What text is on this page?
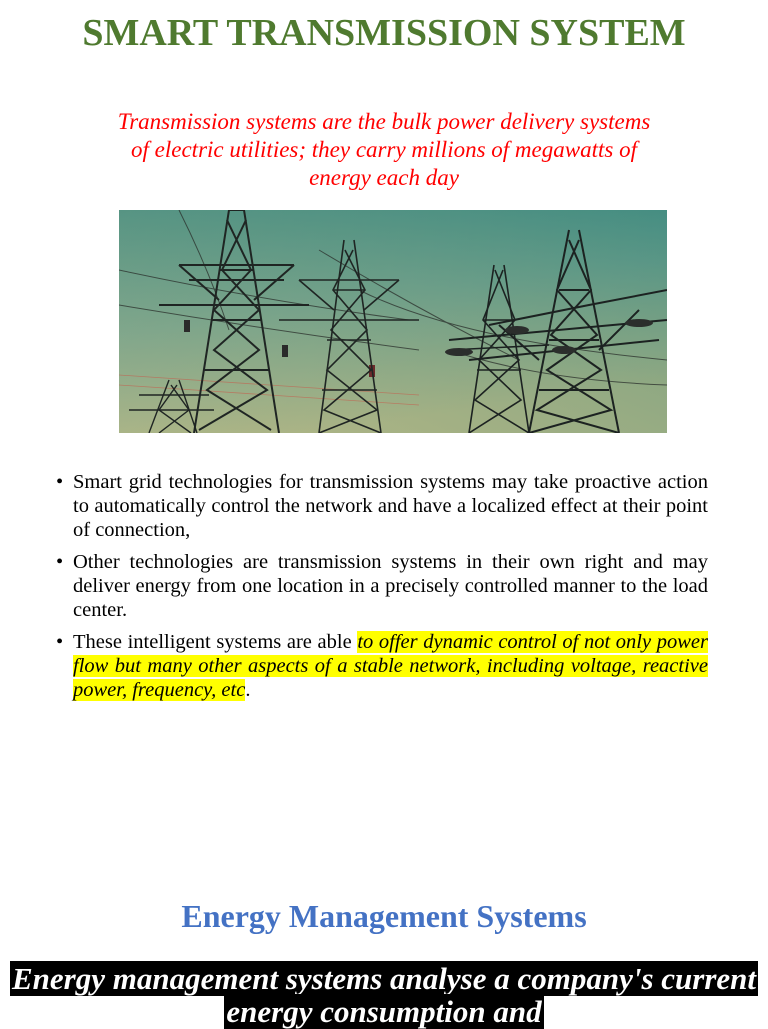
SMART TRANSMISSION SYSTEM

Transmission systems are the bulk power delivery systems of electric utilities; they carry millions of megawatts of energy each day

• Smart grid technologies for transmission systems may take proactive action to automatically control the network and have a localized effect at their point of connection,
• Other technologies are transmission systems in their own right and may deliver energy from one location in a precisely controlled manner to the load center.
• These intelligent systems are able to offer dynamic control of not only power flow but many other aspects of a stable network, including voltage, reactive power, frequency, etc.
Energy Management Systems
Energy management systems analyse a company's current energy consumption and
